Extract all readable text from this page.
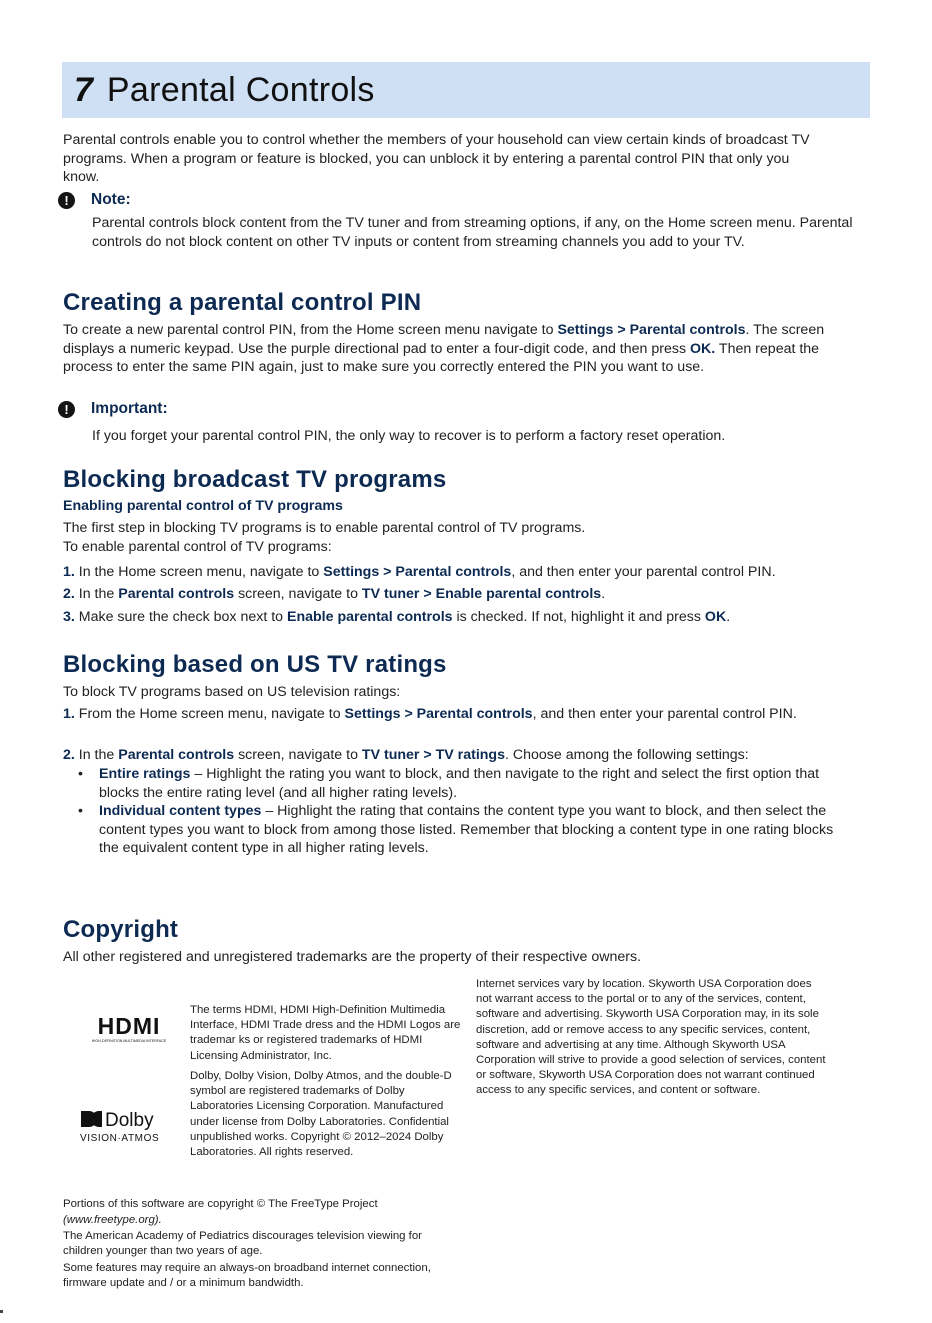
7 Parental Controls

Parental controls enable you to control whether the members of your household can view certain kinds of broadcast TV programs. When a program or feature is blocked, you can unblock it by entering a parental control PIN that only you know.

!	Note:

Parental controls block content from the TV tuner and from streaming options, if any, on the Home screen menu. Parental controls do not block content on other TV inputs or content from streaming channels you add to your TV.

Creating a parental control PIN

To create a new parental control PIN, from the Home screen menu navigate to Settings > Parental controls. The screen displays a numeric keypad. Use the purple directional pad to enter a four-digit code, and then press OK. Then repeat the process to enter the same PIN again, just to make sure you correctly entered the PIN you want to use.

!	Important:

If you forget your parental control PIN, the only way to recover is to perform a factory reset operation.

Blocking broadcast TV programs
Enabling parental control of TV programs

The first step in blocking TV programs is to enable parental control of TV programs.

To enable parental control of TV programs:

1. In the Home screen menu, navigate to Settings > Parental controls, and then enter your parental control PIN.

2. In the Parental controls screen, navigate to TV tuner > Enable parental controls.

3. Make sure the check box next to Enable parental controls is checked. If not, highlight it and press OK.

Blocking based on US TV ratings

To block TV programs based on US television ratings:

1. From the Home screen menu, navigate to Settings > Parental controls, and then enter your parental control PIN.

2. In the Parental controls screen, navigate to TV tuner > TV ratings. Choose among the following settings:

• Entire ratings – Highlight the rating you want to block, and then navigate to the right and select the first option that blocks the entire rating level (and all higher rating levels).
• Individual content types – Highlight the rating that contains the content type you want to block, and then select the content types you want to block from among those listed. Remember that blocking a content type in one rating blocks the equivalent content type in all higher rating levels.
Copyright

All other registered and unregistered trademarks are the property of their respective owners.

HDMI
HIGH-DEFINITION MULTIMEDIA INTERFACE

The terms HDMI, HDMI High-Definition Multimedia Interface, HDMI Trade dress and the HDMI Logos are trademar ks or registered trademarks of HDMI Licensing Administrator, Inc.

Dolby
VISION·ATMOS

Dolby, Dolby Vision, Dolby Atmos, and the double-D symbol are registered trademarks of Dolby Laboratories Licensing Corporation. Manufactured under license from Dolby Laboratories. Confidential unpublished works. Copyright © 2012–2024 Dolby Laboratories. All rights reserved.

Portions of this software are copyright © The FreeType Project

(www.freetype.org).

The American Academy of Pediatrics discourages television viewing for children younger than two years of age.

Some features may require an always-on broadband internet connection, firmware update and / or a minimum bandwidth.

Internet services vary by location. Skyworth USA Corporation does not warrant access to the portal or to any of the services, content, software and advertising. Skyworth USA Corporation may, in its sole discretion, add or remove access to any specific services, content, software and advertising at any time. Although Skyworth USA Corporation will strive to provide a good selection of services, content or software, Skyworth USA Corporation does not warrant continued access to any specific services, and content or software.
